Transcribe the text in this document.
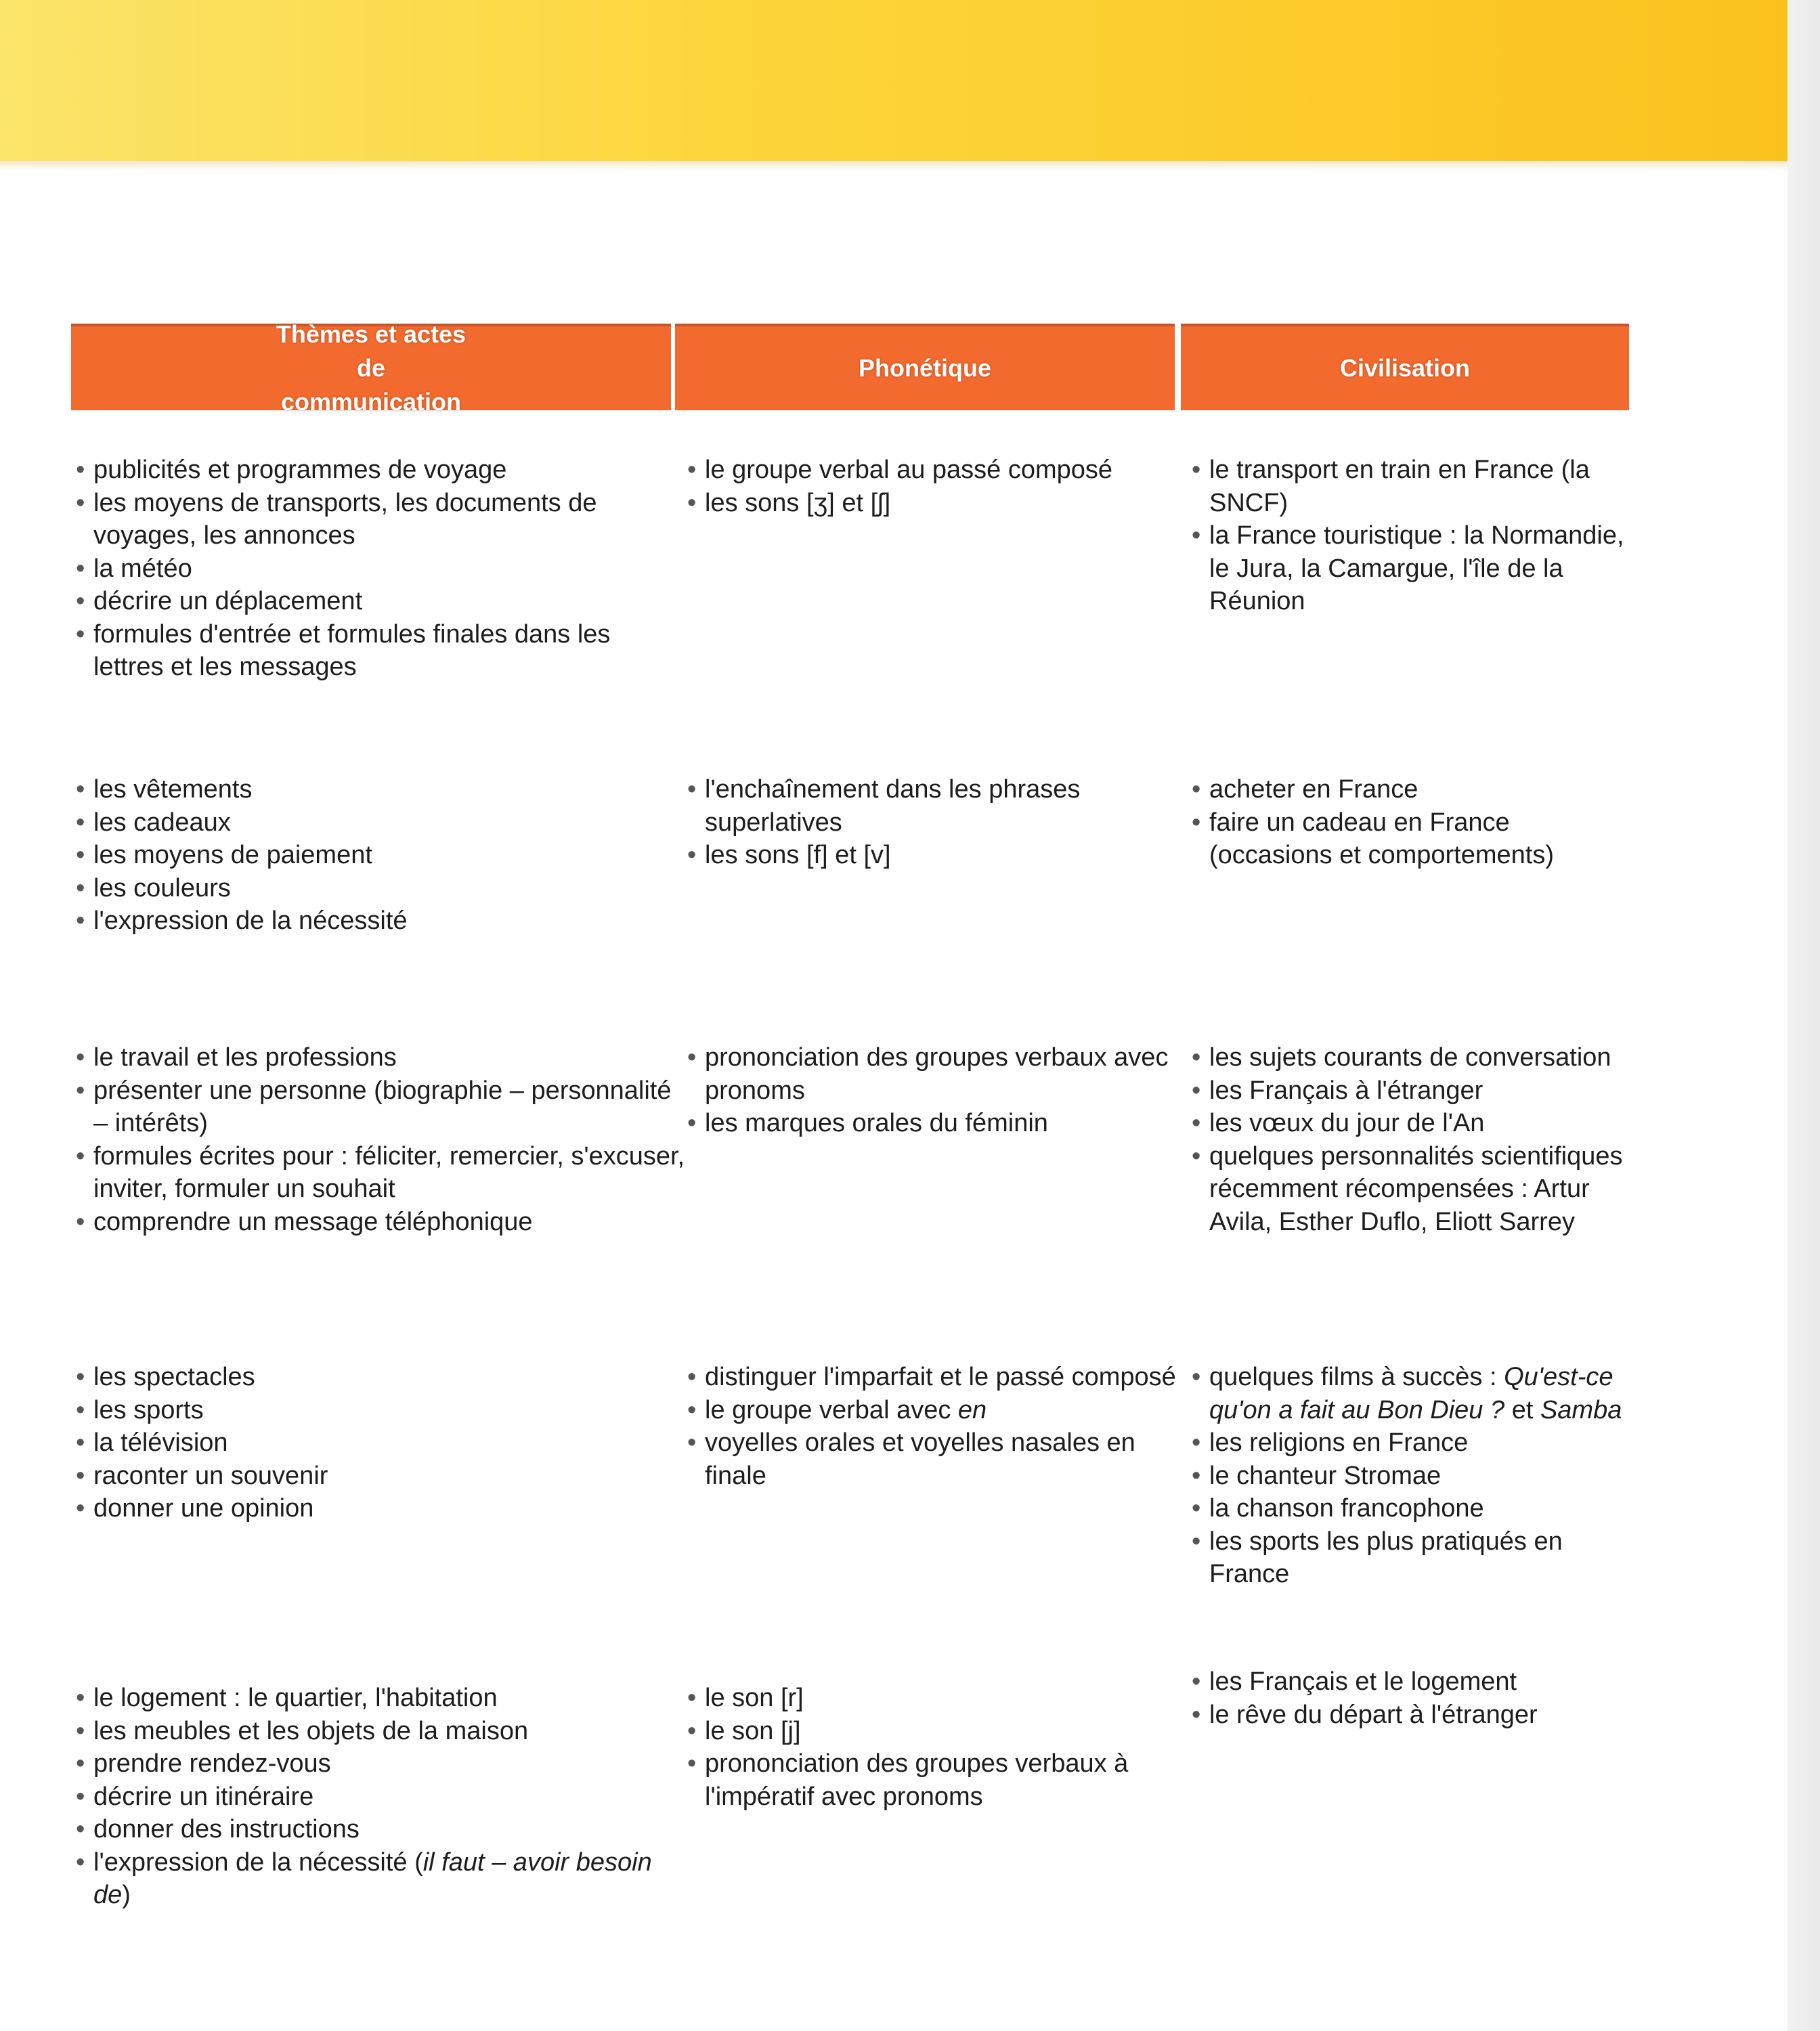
Thèmes et actes de communication
Phonétique	Civilisation
• publicités et programmes de voyage
• les moyens de transports, les documents de voyages, les annonces
• la météo
• décrire un déplacement
• formules d'entrée et formules finales dans les lettres et les messages
• le groupe verbal au passé composé
• les sons [ʒ] et [ʃ]
• le transport en train en France (la SNCF)
• la France touristique : la Normandie, le Jura, la Camargue, l'île de la Réunion
• les vêtements
• les cadeaux
• les moyens de paiement
• les couleurs
• l'expression de la nécessité
• l'enchaînement dans les phrases superlatives
• les sons [f] et [v]
• acheter en France
• faire un cadeau en France (occasions et comportements)
• le travail et les professions
• présenter une personne (biographie – personnalité – intérêts)
• formules écrites pour : féliciter, remercier, s'excuser, inviter, formuler un souhait
• comprendre un message téléphonique
• prononciation des groupes verbaux avec pronoms
• les marques orales du féminin
• les sujets courants de conversation
• les Français à l'étranger
• les vœux du jour de l'An
• quelques personnalités scientifiques récemment récompensées : Artur Avila, Esther Duflo, Eliott Sarrey
• les spectacles
• les sports
• la télévision
• raconter un souvenir
• donner une opinion
• distinguer l'imparfait et le passé composé
• le groupe verbal avec en
• voyelles orales et voyelles nasales en finale
• quelques films à succès : Qu'est-ce qu'on a fait au Bon Dieu ? et Samba
• les religions en France
• le chanteur Stromae
• la chanson francophone
• les sports les plus pratiqués en France
• le logement : le quartier, l'habitation
• les meubles et les objets de la maison
• prendre rendez-vous
• décrire un itinéraire
• donner des instructions
• l'expression de la nécessité (il faut – avoir besoin de)
• le son [r]
• le son [j]
• prononciation des groupes verbaux à l'impératif avec pronoms
• les Français et le logement
• le rêve du départ à l'étranger
